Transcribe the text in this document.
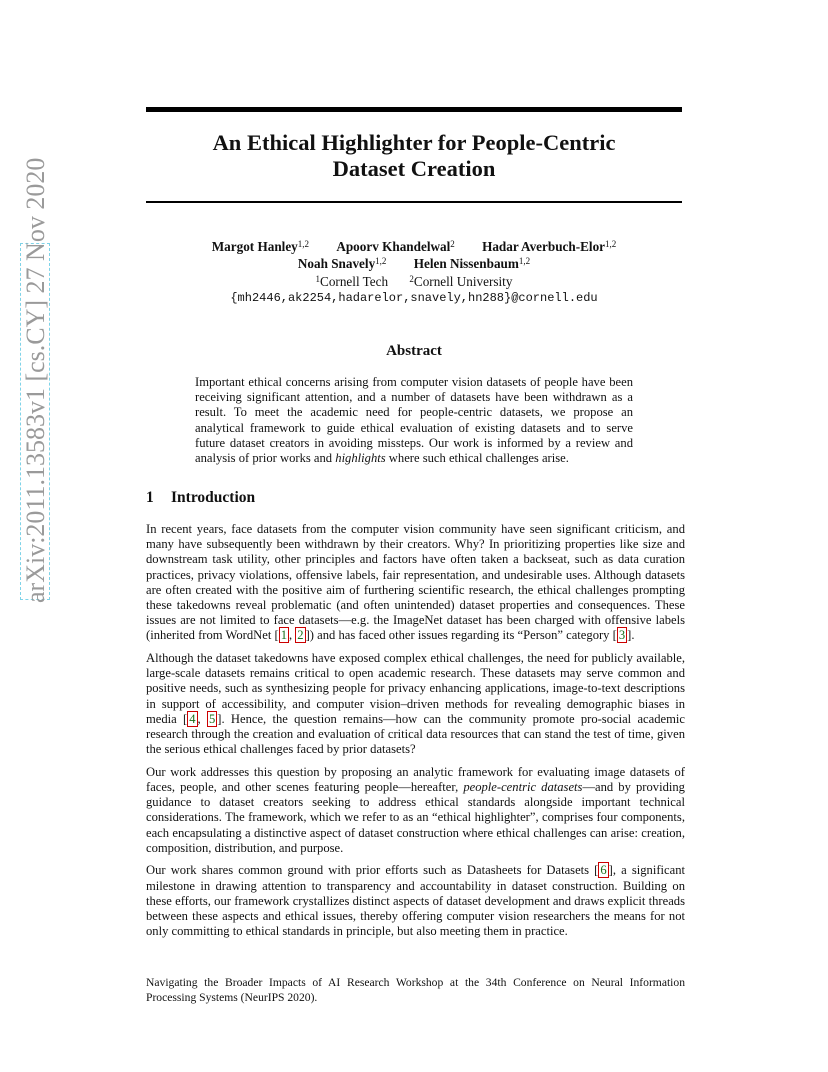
arXiv:2011.13583v1 [cs.CY] 27 Nov 2020
An Ethical Highlighter for People-Centric
Dataset Creation
Margot Hanley$^{1,2}$ Apoorv Khandelwal$^2$ Hadar Averbuch-Elor$^{1,2}$
Noah Snavely$^{1,2}$ Helen Nissenbaum$^{1,2}$
$^1$Cornell Tech $^2$Cornell University
{mh2446,ak2254,hadarelor,snavely,hn288}@cornell.edu
Abstract
Important ethical concerns arising from computer vision datasets of people have been receiving significant attention, and a number of datasets have been withdrawn as a result. To meet the academic need for people-centric datasets, we propose an analytical framework to guide ethical evaluation of existing datasets and to serve future dataset creators in avoiding missteps. Our work is informed by a review and analysis of prior works and highlights where such ethical challenges arise.
1 Introduction

In recent years, face datasets from the computer vision community have seen significant criticism, and many have subsequently been withdrawn by their creators. Why? In prioritizing properties like size and downstream task utility, other principles and factors have often taken a backseat, such as data curation practices, privacy violations, offensive labels, fair representation, and undesirable uses. Although datasets are often created with the positive aim of furthering scientific research, the ethical challenges prompting these takedowns reveal problematic (and often unintended) dataset properties and consequences. These issues are not limited to face datasets—e.g. the ImageNet dataset has been charged with offensive labels (inherited from WordNet [ 1 , 2 ]) and has faced other issues regarding its “Person” category [ 3 ].

Although the dataset takedowns have exposed complex ethical challenges, the need for publicly available, large-scale datasets remains critical to open academic research. These datasets may serve common and positive needs, such as synthesizing people for privacy enhancing applications, image-to-text descriptions in support of accessibility, and computer vision–driven methods for revealing demographic biases in media [ 4 , 5 ]. Hence, the question remains—how can the community promote pro-social academic research through the creation and evaluation of critical data resources that can stand the test of time, given the serious ethical challenges faced by prior datasets?

Our work addresses this question by proposing an analytic framework for evaluating image datasets of faces, people, and other scenes featuring people—hereafter, people-centric datasets—and by providing guidance to dataset creators seeking to address ethical standards alongside important technical considerations. The framework, which we refer to as an “ethical highlighter”, comprises four components, each encapsulating a distinctive aspect of dataset construction where ethical challenges can arise: creation, composition, distribution, and purpose.

Our work shares common ground with prior efforts such as Datasheets for Datasets [ 6 ], a significant milestone in drawing attention to transparency and accountability in dataset construction. Building on these efforts, our framework crystallizes distinct aspects of dataset development and draws explicit threads between these aspects and ethical issues, thereby offering computer vision researchers the means for not only committing to ethical standards in principle, but also meeting them in practice.

Navigating the Broader Impacts of AI Research Workshop at the 34th Conference on Neural Information Processing Systems (NeurIPS 2020).
